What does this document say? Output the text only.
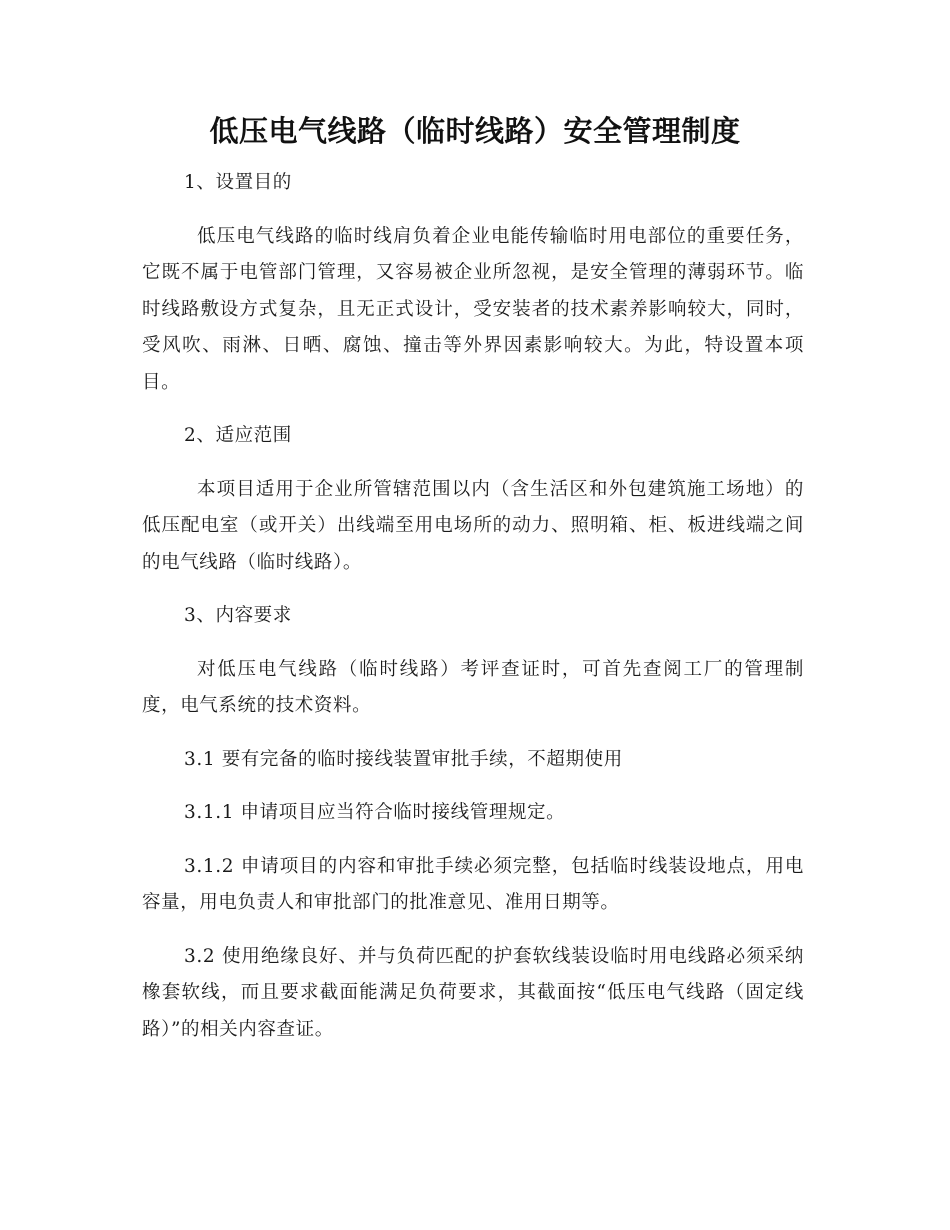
低压电气线路（临时线路）安全管理制度

1、设置目的

低压电气线路的临时线肩负着企业电能传输临时用电部位的重要任务，它既不属于电管部门管理，又容易被企业所忽视，是安全管理的薄弱环节。临时线路敷设方式复杂，且无正式设计，受安装者的技术素养影响较大，同时，受风吹、雨淋、日晒、腐蚀、撞击等外界因素影响较大。为此，特设置本项目。

2、适应范围

本项目适用于企业所管辖范围以内（含生活区和外包建筑施工场地）的低压配电室（或开关）出线端至用电场所的动力、照明箱、柜、板进线端之间的电气线路（临时线路）。

3、内容要求

对低压电气线路（临时线路）考评查证时，可首先查阅工厂的管理制度，电气系统的技术资料。

3.1 要有完备的临时接线装置审批手续，不超期使用

3.1.1 申请项目应当符合临时接线管理规定。

3.1.2 申请项目的内容和审批手续必须完整，包括临时线装设地点，用电容量，用电负责人和审批部门的批准意见、准用日期等。

3.2 使用绝缘良好、并与负荷匹配的护套软线装设临时用电线路必须采纳橡套软线，而且要求截面能满足负荷要求，其截面按“低压电气线路（固定线路）”的相关内容查证。
